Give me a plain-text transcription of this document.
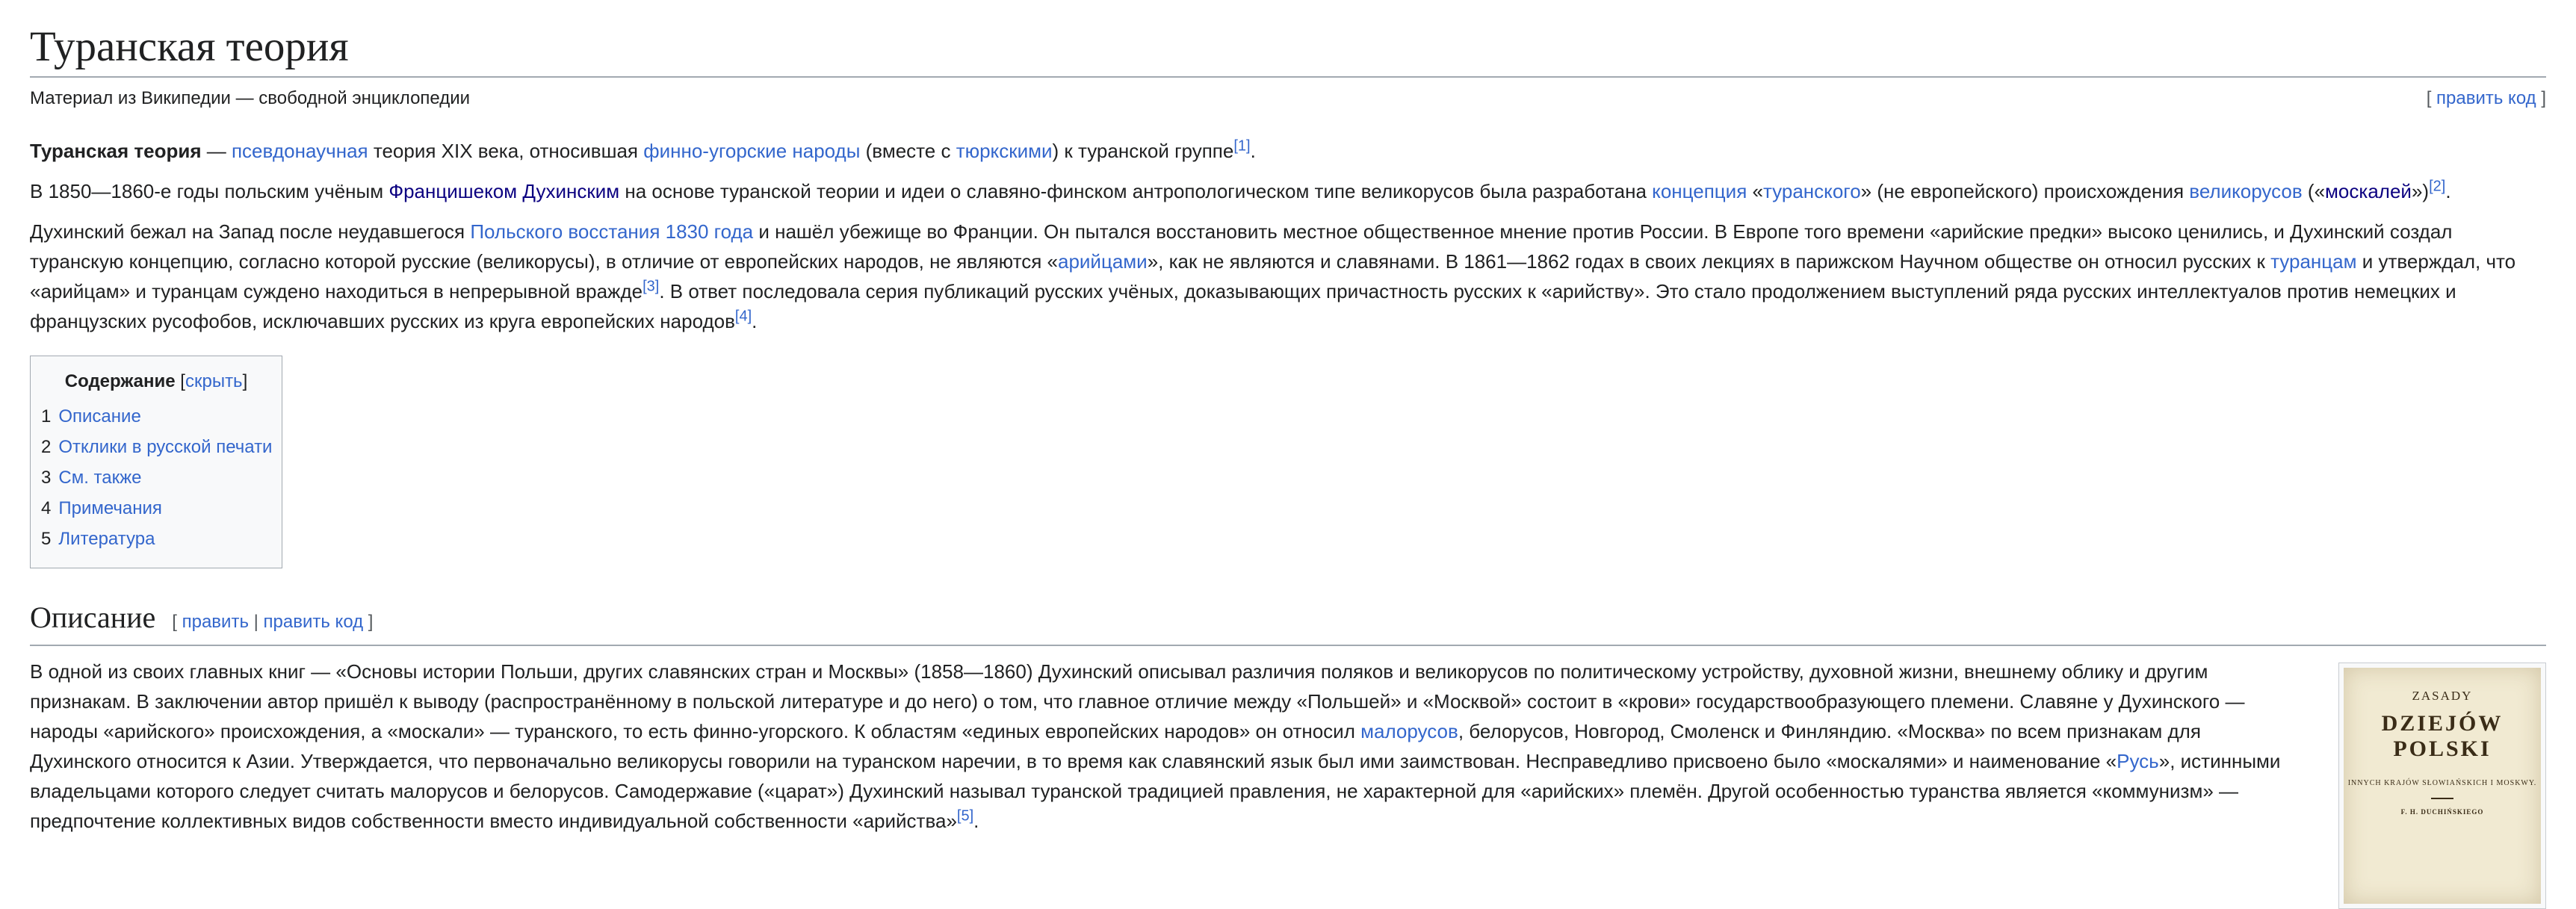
Туранская теория
Материал из Википедии — свободной энциклопедии	[ править код ]

Туранская теория — псевдонаучная теория XIX века, относившая финно-угорские народы (вместе с тюркскими) к туранской группе[1].

В 1850—1860-е годы польским учёным Францишеком Духинским на основе туранской теории и идеи о славяно-финском антропологическом типе великорусов была разработана концепция «туранского» (не европейского) происхождения великорусов («москалей»)[2].

Духинский бежал на Запад после неудавшегося Польского восстания 1830 года и нашёл убежище во Франции. Он пытался восстановить местное общественное мнение против России. В Европе того времени «арийские предки» высоко ценились, и Духинский создал туранскую концепцию, согласно которой русские (великорусы), в отличие от европейских народов, не являются «арийцами», как не являются и славянами. В 1861—1862 годах в своих лекциях в парижском Научном обществе он относил русских к туранцам и утверждал, что «арийцам» и туранцам суждено находиться в непрерывной вражде[3]. В ответ последовала серия публикаций русских учёных, доказывающих причастность русских к «арийству». Это стало продолжением выступлений ряда русских интеллектуалов против немецких и французских русофобов, исключавших русских из круга европейских народов[4].

Содержание [скрыть]
1 Описание
2 Отклики в русской печати
3 См. также
4 Примечания
5 Литература
Описание [ править | править код ]

В одной из своих главных книг — «Основы истории Польши, других славянских стран и Москвы» (1858—1860) Духинский описывал различия поляков и великорусов по политическому устройству, духовной жизни, внешнему облику и другим признакам. В заключении автор пришёл к выводу (распространённому в польской литературе и до него) о том, что главное отличие между «Польшей» и «Москвой» состоит в «крови» государствообразующего племени. Славяне у Духинского — народы «арийского» происхождения, а «москали» — туранского, то есть финно-угорского. К областям «единых европейских народов» он относил малорусов, белорусов, Новгород, Смоленск и Финляндию. «Москва» по всем признакам для Духинского относится к Азии. Утверждается, что первоначально великорусы говорили на туранском наречии, в то время как славянский язык был ими заимствован. Несправедливо присвоено было «москалями» и наименование «Русь», истинными владельцами которого следует считать малорусов и белорусов. Самодержавие («царат») Духинский называл туранской традицией правления, не характерной для «арийских» племён. Другой особенностью туранства является «коммунизм» — предпочтение коллективных видов собственности вместо индивидуальной собственности «арийства»[5].

ZASADY
DZIEJÓW POLSKI
INNYCH KRAJÓW SŁOWIAŃSKICH I MOSKWY.
F. H. DUCHIŃSKIEGO
